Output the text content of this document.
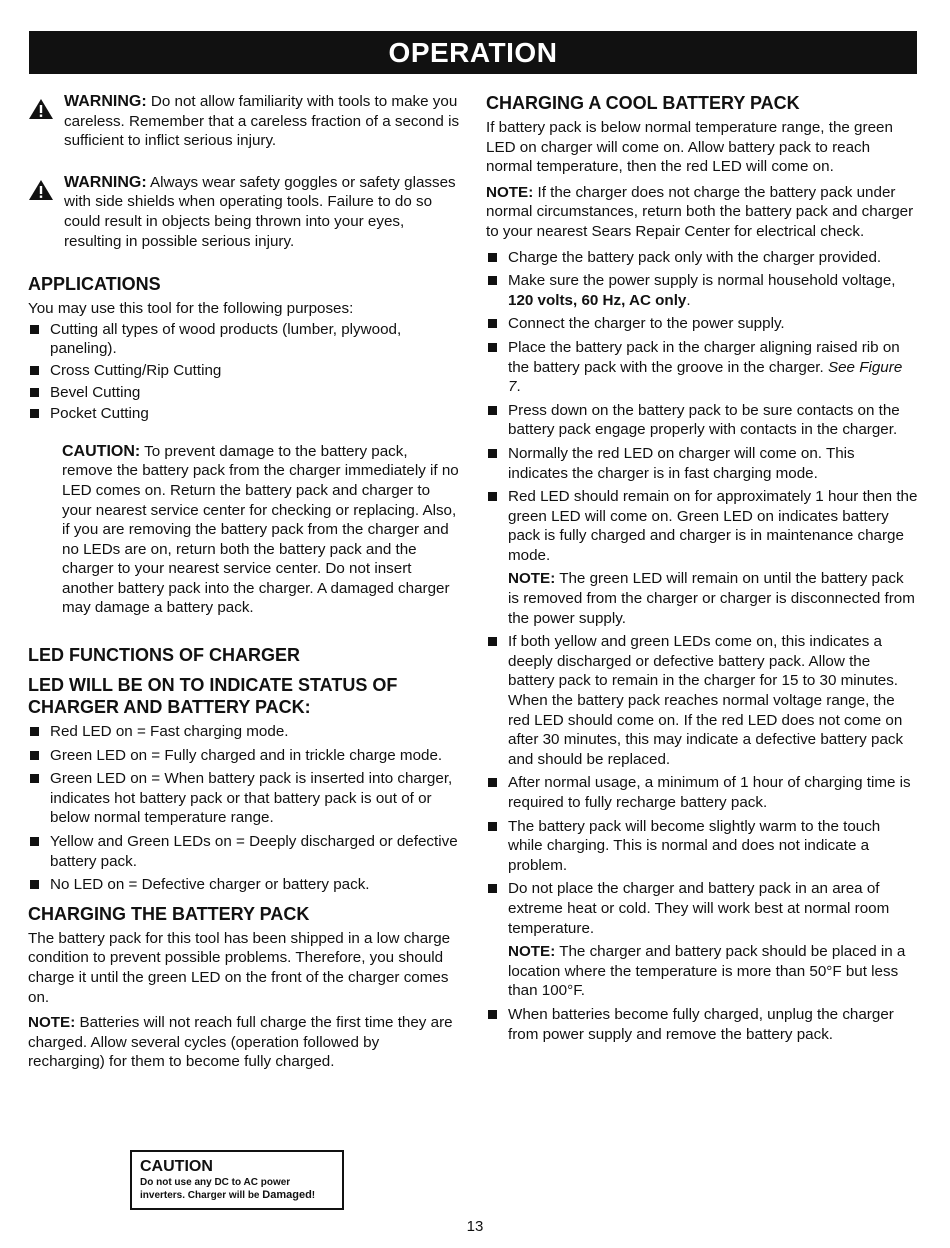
OPERATION
WARNING: Do not allow familiarity with tools to make you careless. Remember that a careless fraction of a second is sufficient to inflict serious injury.
WARNING: Always wear safety goggles or safety glasses with side shields when operating tools. Failure to do so could result in objects being thrown into your eyes, resulting in possible serious injury.
APPLICATIONS

You may use this tool for the following purposes:

Cutting all types of wood products (lumber, plywood, paneling).
Cross Cutting/Rip Cutting
Bevel Cutting
Pocket Cutting
CAUTION: To prevent damage to the battery pack, remove the battery pack from the charger immediately if no LED comes on. Return the battery pack and charger to your nearest service center for checking or replacing. Also, if you are removing the battery pack from the charger and no LEDs are on, return both the battery pack and the charger to your nearest service center. Do not insert another battery pack into the charger. A damaged charger may damage a battery pack.
LED FUNCTIONS OF CHARGER
LED WILL BE ON TO INDICATE STATUS OF CHARGER AND BATTERY PACK:
Red LED on = Fast charging mode.
Green LED on = Fully charged and in trickle charge mode.
Green LED on = When battery pack is inserted into charger, indicates hot battery pack or that battery pack is out of or below normal temperature range.
Yellow and Green LEDs on = Deeply discharged or defective battery pack.
No LED on = Defective charger or battery pack.
CHARGING THE BATTERY PACK

The battery pack for this tool has been shipped in a low charge condition to prevent possible problems. Therefore, you should charge it until the green LED on the front of the charger comes on.

NOTE: Batteries will not reach full charge the first time they are charged. Allow several cycles (operation followed by recharging) for them to become fully charged.

CAUTION
Do not use any DC to AC power
inverters. Charger will be Damaged!
CHARGING A COOL BATTERY PACK

If battery pack is below normal temperature range, the green LED on charger will come on. Allow battery pack to reach normal temperature, then the red LED will come on.

NOTE: If the charger does not charge the battery pack under normal circumstances, return both the battery pack and charger to your nearest Sears Repair Center for electrical check.

Charge the battery pack only with the charger provided.
Make sure the power supply is normal household voltage, 120 volts, 60 Hz, AC only.
Connect the charger to the power supply.
Place the battery pack in the charger aligning raised rib on the battery pack with the groove in the charger. See Figure 7.
Press down on the battery pack to be sure contacts on the battery pack engage properly with contacts in the charger.
Normally the red LED on charger will come on. This indicates the charger is in fast charging mode.
Red LED should remain on for approximately 1 hour then the green LED will come on. Green LED on indicates battery pack is fully charged and charger is in maintenance charge mode.

NOTE: The green LED will remain on until the battery pack is removed from the charger or charger is disconnected from the power supply.

If both yellow and green LEDs come on, this indicates a deeply discharged or defective battery pack. Allow the battery pack to remain in the charger for 15 to 30 minutes. When the battery pack reaches normal voltage range, the red LED should come on. If the red LED does not come on after 30 minutes, this may indicate a defective battery pack and should be replaced.
After normal usage, a minimum of 1 hour of charging time is required to fully recharge battery pack.
The battery pack will become slightly warm to the touch while charging. This is normal and does not indicate a problem.
Do not place the charger and battery pack in an area of extreme heat or cold. They will work best at normal room temperature.

NOTE: The charger and battery pack should be placed in a location where the temperature is more than 50°F but less than 100°F.

When batteries become fully charged, unplug the charger from power supply and remove the battery pack.
13
